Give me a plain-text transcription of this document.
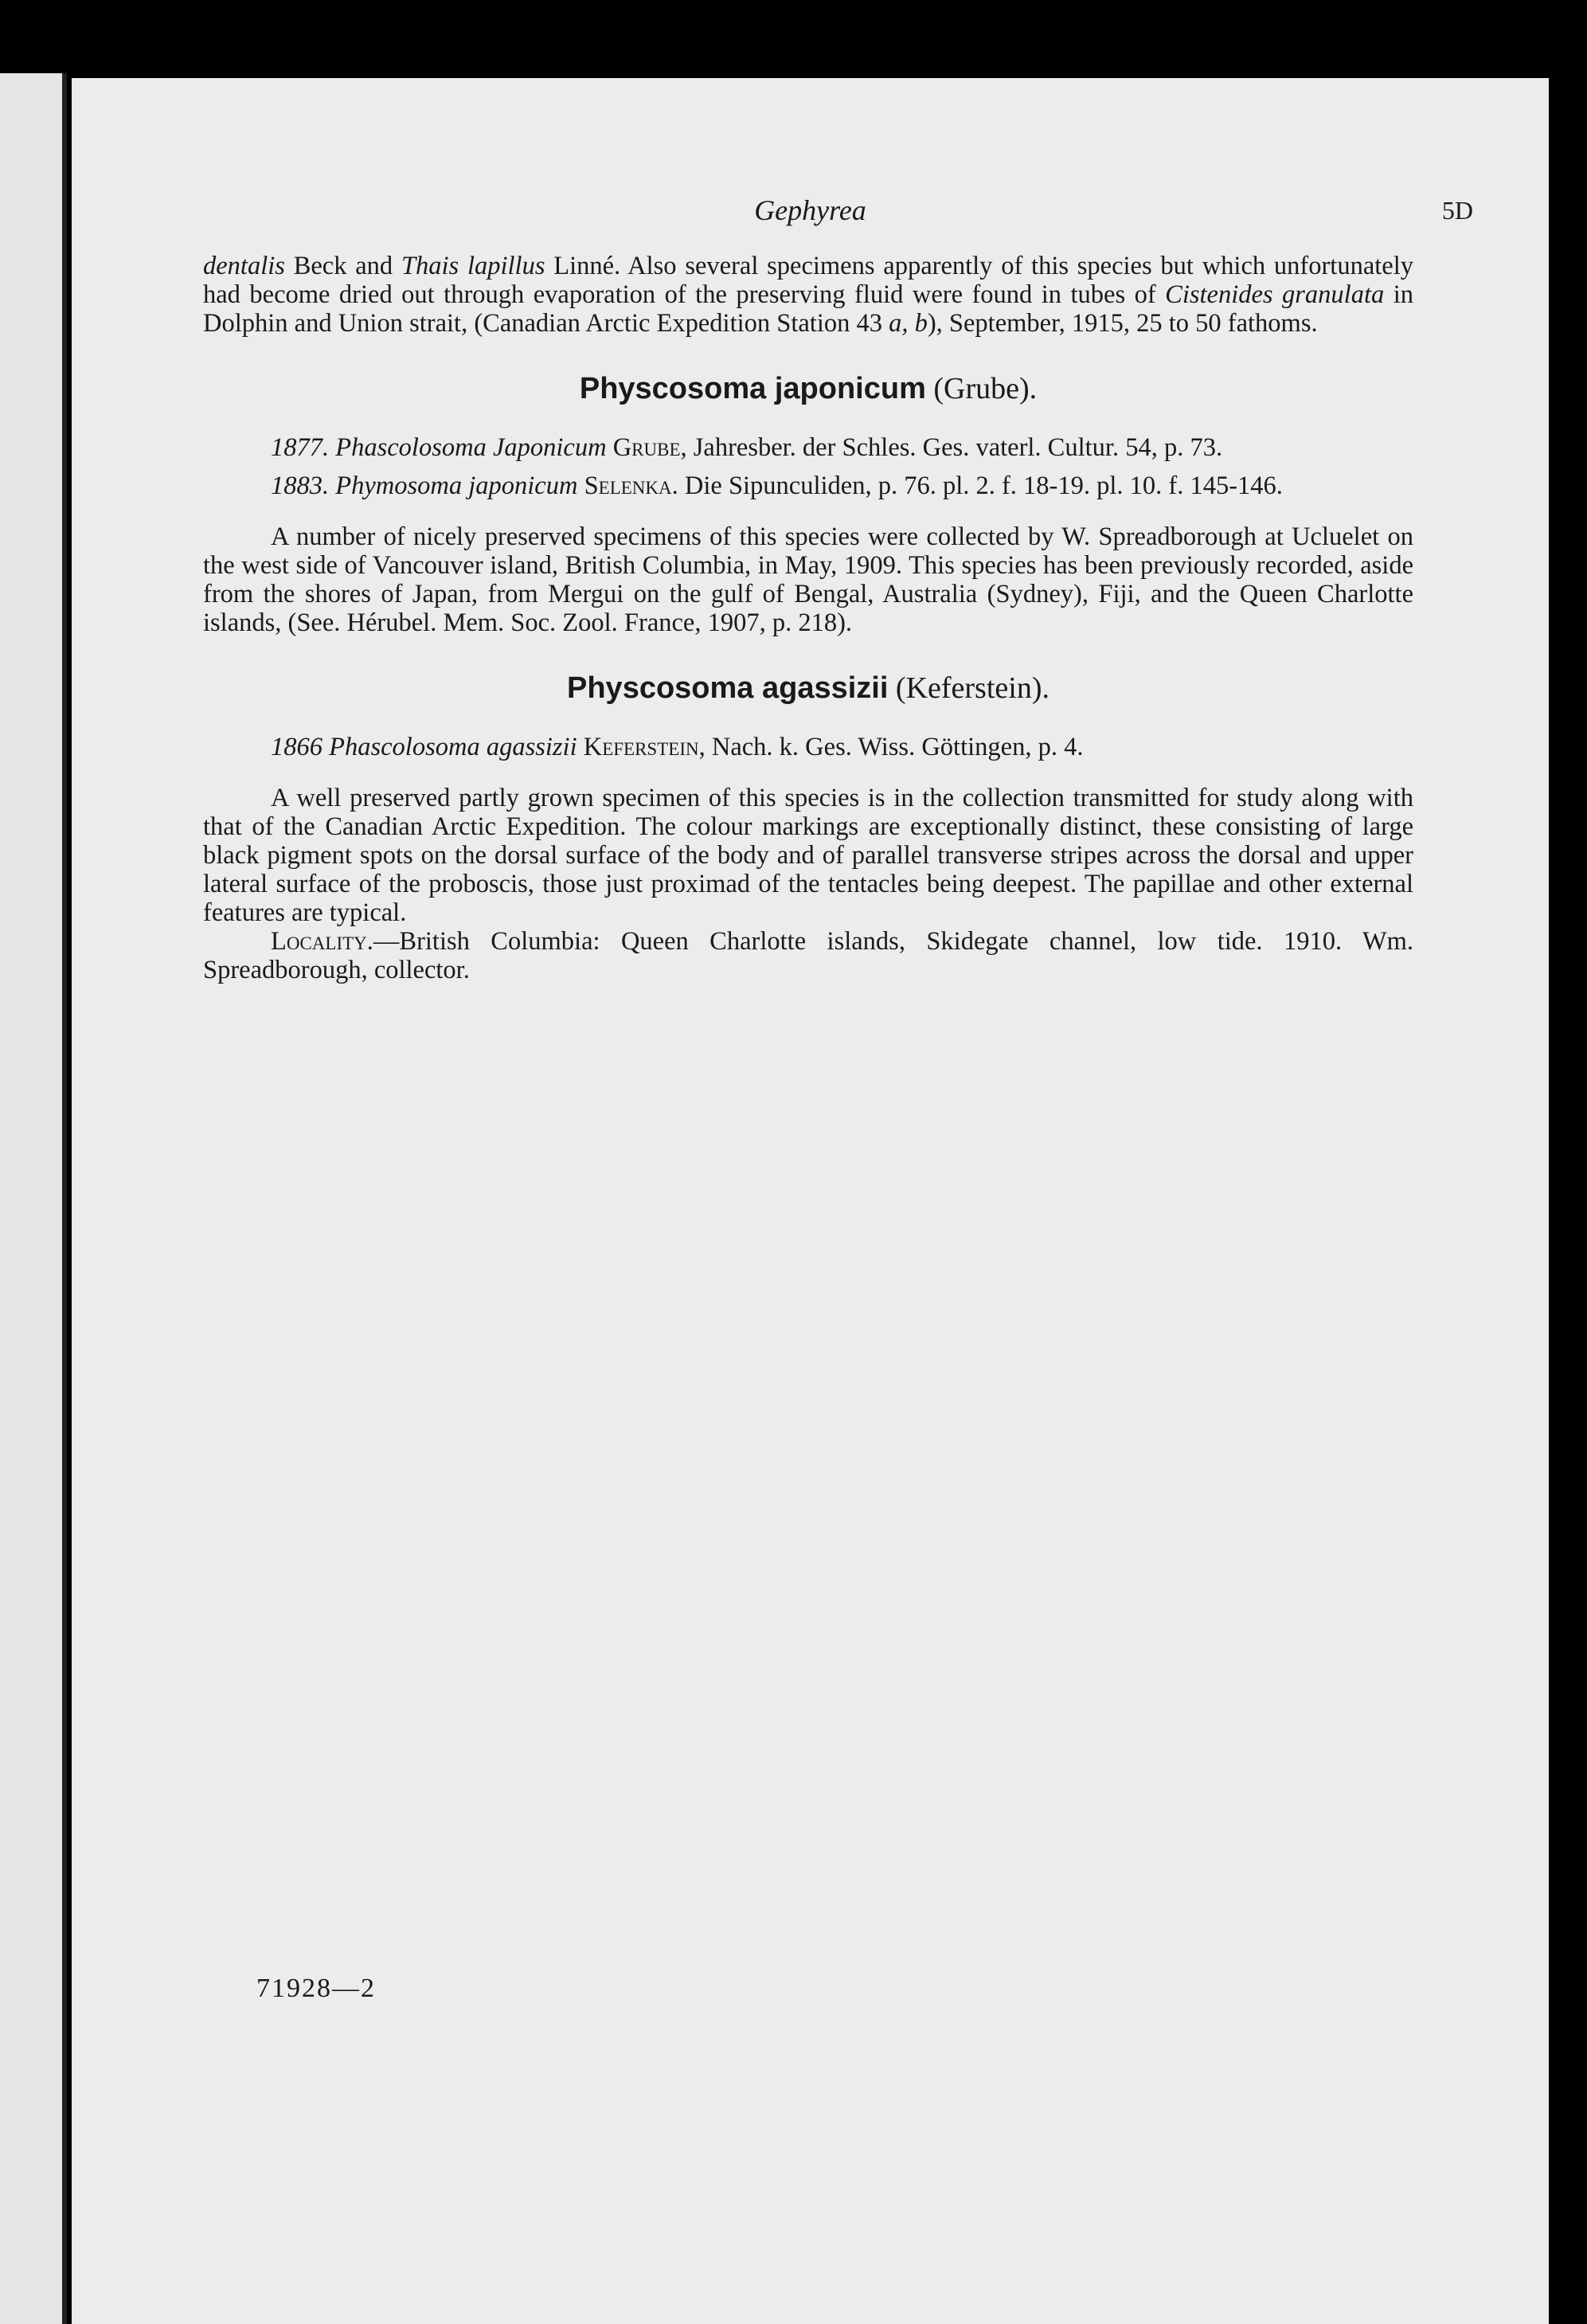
Gephyrea	5D

dentalis Beck and Thais lapillus Linné. Also several specimens apparently of this species but which unfortunately had become dried out through evaporation of the preserving fluid were found in tubes of Cistenides granulata in Dolphin and Union strait, (Canadian Arctic Expedition Station 43 a, b), September, 1915, 25 to 50 fathoms.

Physcosoma japonicum (Grube).

1877. Phascolosoma Japonicum Grube, Jahresber. der Schles. Ges. vaterl. Cultur. 54, p. 73.

1883. Phymosoma japonicum Selenka. Die Sipunculiden, p. 76. pl. 2. f. 18-19. pl. 10. f. 145-146.

A number of nicely preserved specimens of this species were collected by W. Spreadborough at Ucluelet on the west side of Vancouver island, British Columbia, in May, 1909. This species has been previously recorded, aside from the shores of Japan, from Mergui on the gulf of Bengal, Australia (Sydney), Fiji, and the Queen Charlotte islands, (See. Hérubel. Mem. Soc. Zool. France, 1907, p. 218).

Physcosoma agassizii (Keferstein).

1866 Phascolosoma agassizii Keferstein, Nach. k. Ges. Wiss. Göttingen, p. 4.

A well preserved partly grown specimen of this species is in the collection transmitted for study along with that of the Canadian Arctic Expedition. The colour markings are exceptionally distinct, these consisting of large black pigment spots on the dorsal surface of the body and of parallel transverse stripes across the dorsal and upper lateral surface of the proboscis, those just proximad of the tentacles being deepest. The papillae and other external features are typical.

Locality.—British Columbia: Queen Charlotte islands, Skidegate channel, low tide. 1910. Wm. Spreadborough, collector.

71928—2
